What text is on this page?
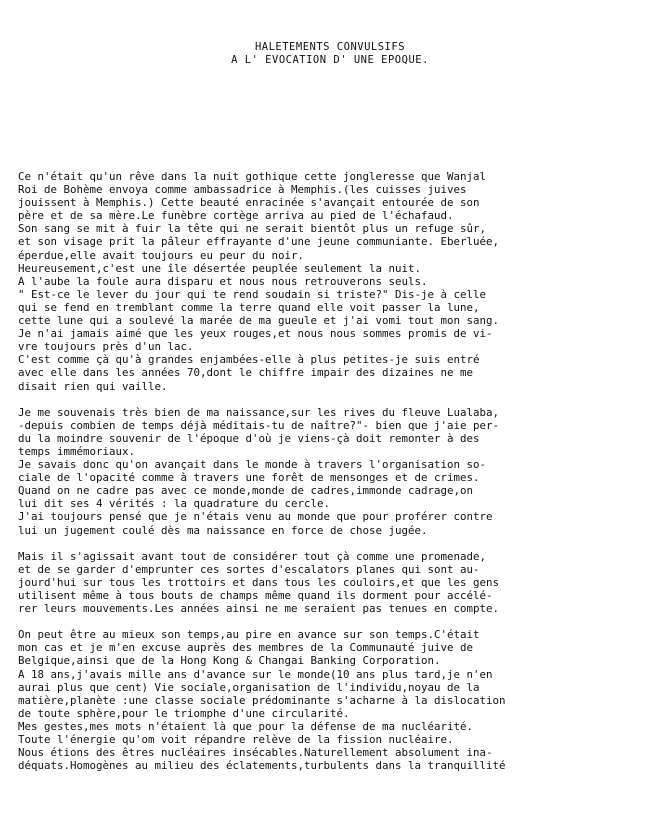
HALETEMENTS CONVULSIFS
A L' EVOCATION D' UNE EPOQUE.
Ce n'était qu'un rêve dans la nuit gothique cette jongleresse que Wanjal
Roi de Bohème envoya comme ambassadrice à Memphis.(les cuisses juives
jouissent à Memphis.) Cette beauté enracinée s'avançait entourée de son
père et de sa mère.Le funèbre cortège arriva au pied de l'échafaud.
Son sang se mit à fuir la tête qui ne serait bientôt plus un refuge sûr,
et son visage prit la pâleur effrayante d'une jeune communiante. Eberluée,
éperdue,elle avait toujours eu peur du noir.
Heureusement,c'est une île désertée peuplée seulement la nuit.
A l'aube la foule aura disparu et nous nous retrouverons seuls.
" Est-ce le lever du jour qui te rend soudain si triste?" Dis-je à celle
qui se fend en tremblant comme la terre quand elle voit passer la lune,
cette lune qui a soulevé la marée de ma gueule et j'ai vomi tout mon sang.
Je n'ai jamais aimé que les yeux rouges,et nous nous sommes promis de vi-
vre toujours près d'un lac.
C'est comme çà qu'à grandes enjambées-elle à plus petites-je suis entré
avec elle dans les années 70,dont le chiffre impair des dizaines ne me
disait rien qui vaille.
Je me souvenais très bien de ma naissance,sur les rives du fleuve Lualaba,
-depuis combien de temps déjà méditais-tu de naître?"- bien que j'aie per-
du la moindre souvenir de l'époque d'où je viens-çà doit remonter à des
temps immémoriaux.
Je savais donc qu'on avançait dans le monde à travers l'organisation so-
ciale de l'opacité comme à travers une forêt de mensonges et de crimes.
Quand on ne cadre pas avec ce monde,monde de cadres,immonde cadrage,on
lui dit ses 4 vérités : la quadrature du cercle.
J'ai toujours pensé que je n'étais venu au monde que pour proférer contre
lui un jugement coulé dès ma naissance en force de chose jugée.
Mais il s'agissait avant tout de considérer tout çà comme une promenade,
et de se garder d'emprunter ces sortes d'escalators planes qui sont au-
jourd'hui sur tous les trottoirs et dans tous les couloirs,et que les gens
utilisent même à tous bouts de champs même quand ils dorment pour accélé-
rer leurs mouvements.Les années ainsi ne me seraient pas tenues en compte.
On peut être au mieux son temps,au pire en avance sur son temps.C'était
mon cas et je m'en excuse auprès des membres de la Communauté juive de
Belgique,ainsi que de la Hong Kong & Changai Banking Corporation.
A 18 ans,j'avais mille ans d'avance sur le monde(10 ans plus tard,je n'en
aurai plus que cent) Vie sociale,organisation de l'individu,noyau de la
matière,planète :une classe sociale prédominante s'acharne à la dislocation
de toute sphère,pour le triomphe d'une circularité.
Mes gestes,mes mots n'étaient là que pour la défense de ma nucléarité.
Toute l'énergie qu'om voit répandre relève de la fission nucléaire.
Nous étions des êtres nucléaires insécables.Naturellement absolument ina-
déquats.Homogènes au milieu des éclatements,turbulents dans la tranquillité
